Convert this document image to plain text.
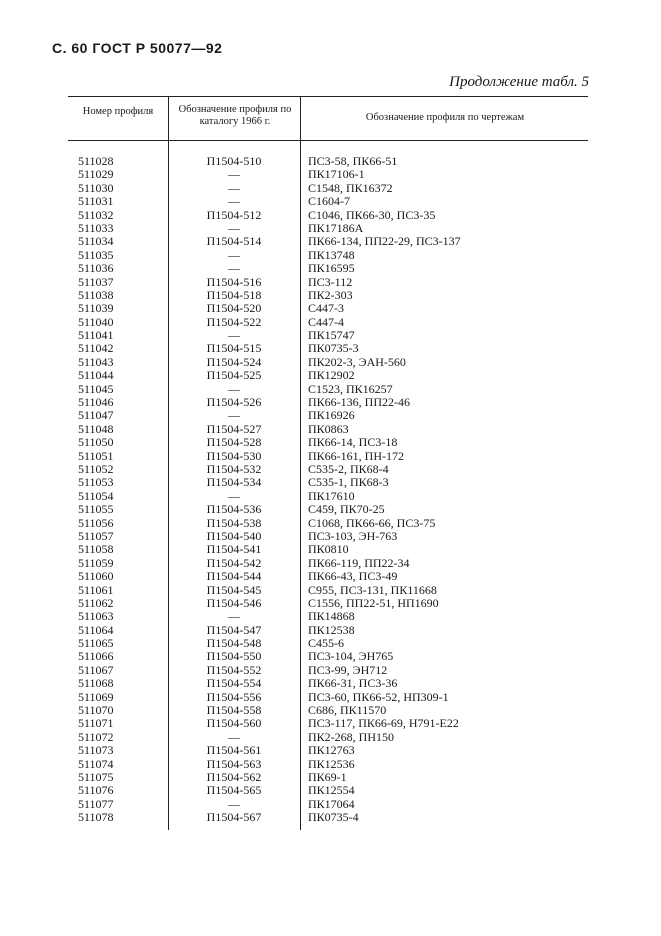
С. 60 ГОСТ Р 50077—92
Продолжение табл. 5
Номер профиля	Обозначение профиля по каталогу 1966 г.	Обозначение профиля по чертежам
511028	П1504-510	ПС3-58, ПК66-51
511029	—	ПК17106-1
511030	—	С1548, ПК16372
511031	—	С1604-7
511032	П1504-512	С1046, ПК66-30, ПС3-35
511033	—	ПК17186А
511034	П1504-514	ПК66-134, ПП22-29, ПС3-137
511035	—	ПК13748
511036	—	ПК16595
511037	П1504-516	ПС3-112
511038	П1504-518	ПК2-303
511039	П1504-520	С447-3
511040	П1504-522	С447-4
511041	—	ПК15747
511042	П1504-515	ПК0735-3
511043	П1504-524	ПК202-3, ЭАН-560
511044	П1504-525	ПК12902
511045	—	С1523, ПК16257
511046	П1504-526	ПК66-136, ПП22-46
511047	—	ПК16926
511048	П1504-527	ПК0863
511050	П1504-528	ПК66-14, ПС3-18
511051	П1504-530	ПК66-161, ПН-172
511052	П1504-532	С535-2, ПК68-4
511053	П1504-534	С535-1, ПК68-3
511054	—	ПК17610
511055	П1504-536	С459, ПК70-25
511056	П1504-538	С1068, ПК66-66, ПС3-75
511057	П1504-540	ПС3-103, ЭН-763
511058	П1504-541	ПК0810
511059	П1504-542	ПК66-119, ПП22-34
511060	П1504-544	ПК66-43, ПС3-49
511061	П1504-545	С955, ПС3-131, ПК11668
511062	П1504-546	С1556, ПП22-51, НП1690
511063	—	ПК14868
511064	П1504-547	ПК12538
511065	П1504-548	С455-6
511066	П1504-550	ПС3-104, ЭН765
511067	П1504-552	ПС3-99, ЭН712
511068	П1504-554	ПК66-31, ПС3-36
511069	П1504-556	ПС3-60, ПК66-52, НП309-1
511070	П1504-558	С686, ПК11570
511071	П1504-560	ПС3-117, ПК66-69, Н791-Е22
511072	—	ПК2-268, ПН150
511073	П1504-561	ПК12763
511074	П1504-563	ПК12536
511075	П1504-562	ПК69-1
511076	П1504-565	ПК12554
511077	—	ПК17064
511078	П1504-567	ПК0735-4
